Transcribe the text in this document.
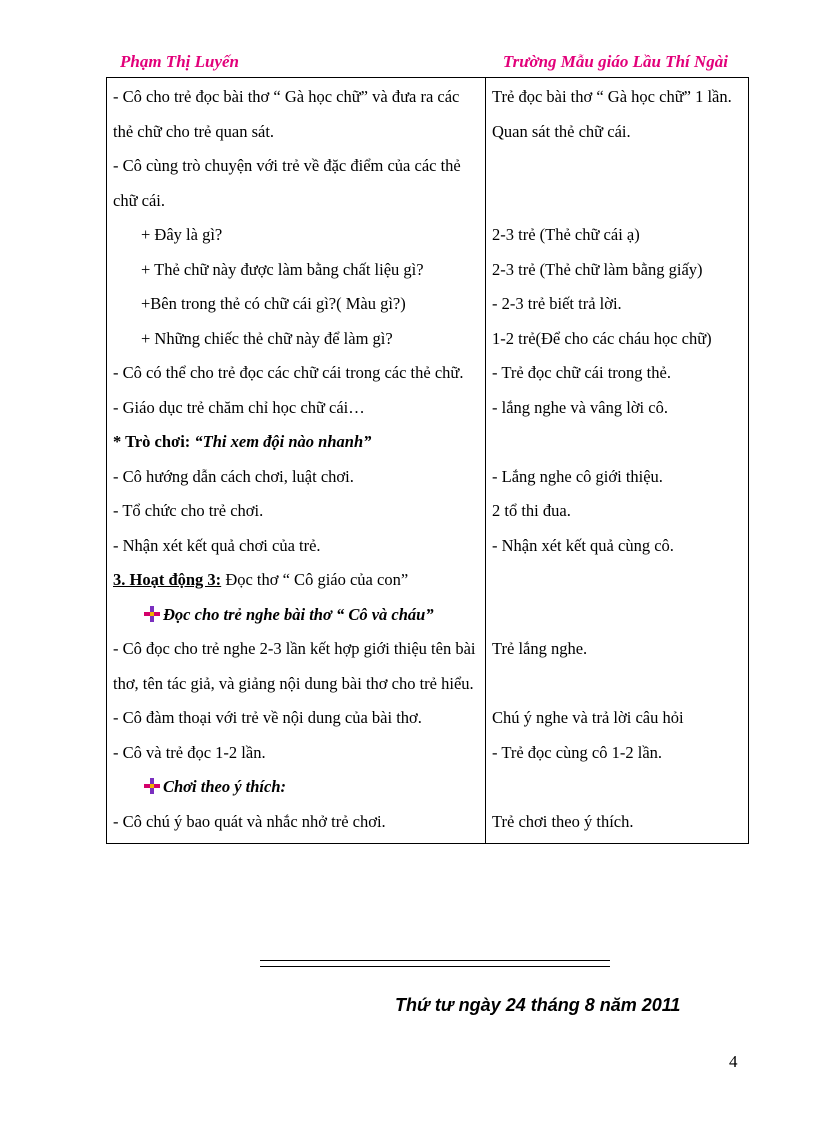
Phạm Thị Luyến	Trường Mẫu giáo Lầu Thí Ngài
- Cô cho trẻ đọc bài thơ “ Gà học chữ” và đưa ra các thẻ chữ cho trẻ quan sát.	Trẻ đọc bài thơ “ Gà học chữ” 1 lần. Quan sát thẻ chữ cái.
- Cô cùng trò chuyện với trẻ về đặc điểm của các thẻ chữ cái.	

+ Đây là gì?	2-3 trẻ (Thẻ chữ cái ạ)

+ Thẻ chữ này được làm bằng chất liệu gì?	2-3 trẻ (Thẻ chữ làm bằng giấy)

+Bên trong thẻ có chữ cái gì?( Màu gì?)	- 2-3 trẻ biết trả lời.

+ Những chiếc thẻ chữ này để làm gì?	1-2 trẻ(Để cho các cháu học chữ)
- Cô có thể cho trẻ đọc các chữ cái trong các thẻ chữ.	- Trẻ đọc chữ cái trong thẻ.
- Giáo dục trẻ chăm chỉ học chữ cái…	- lắng nghe và vâng lời cô.
* Trò chơi: “Thi xem đội nào nhanh”	
- Cô hướng dẫn cách chơi, luật chơi.	- Lắng nghe cô giới thiệu.
- Tổ chức cho trẻ chơi.	2 tổ thi đua.
- Nhận xét kết quả chơi của trẻ.	- Nhận xét kết quả cùng cô.
3. Hoạt động 3: Đọc thơ “ Cô giáo của con”	

Đọc cho trẻ nghe bài thơ “ Cô và cháu”	

- Cô đọc cho trẻ nghe 2-3 lần kết hợp giới thiệu tên bài thơ, tên tác giả, và giảng nội dung bài thơ cho trẻ hiểu.	Trẻ lắng nghe.
- Cô đàm thoại với trẻ về nội dung của bài thơ.	Chú ý nghe và trả lời câu hỏi
- Cô và trẻ đọc 1-2 lần.	- Trẻ đọc cùng cô 1-2 lần.

Chơi theo ý thích:	

- Cô chú ý bao quát và nhắc nhở trẻ chơi.	Trẻ chơi theo ý thích.
Thứ tư ngày 24 tháng 8 năm 2011
4
